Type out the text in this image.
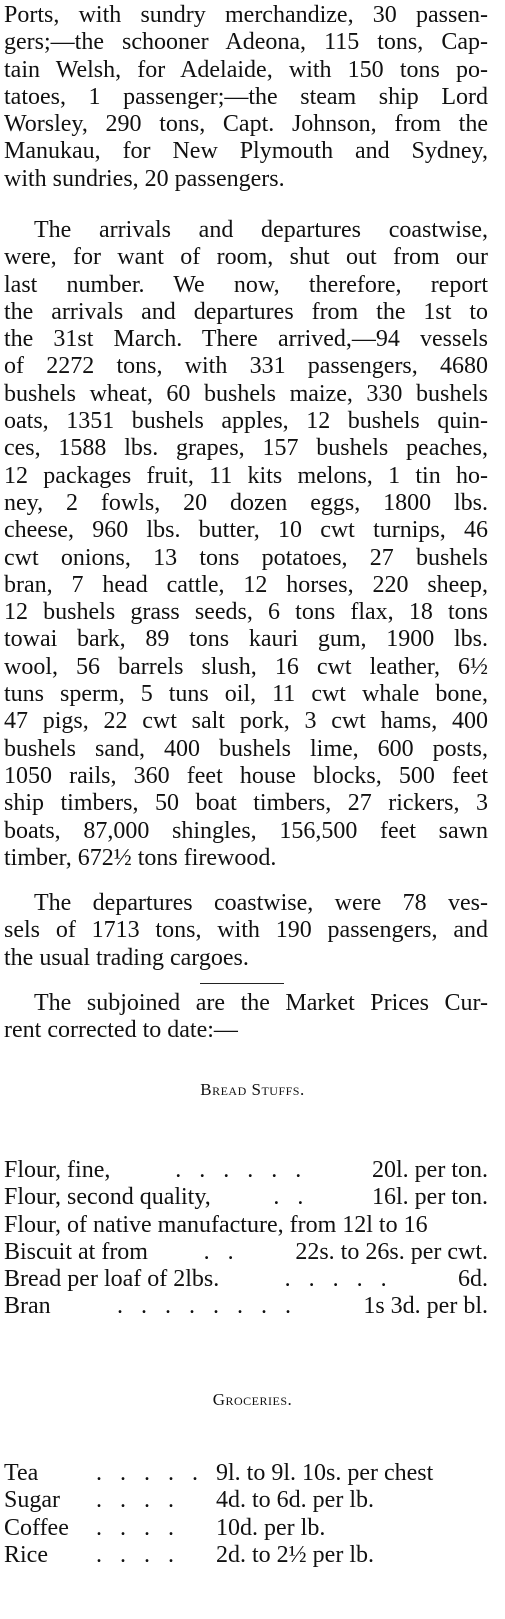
Ports, with sundry merchandize, 30 passen-
gers;—the schooner Adeona, 115 tons, Cap-
tain Welsh, for Adelaide, with 150 tons po-
tatoes, 1 passenger;—the steam ship Lord
Worsley, 290 tons, Capt. Johnson, from the
Manukau, for New Plymouth and Sydney,
with sundries, 20 passengers.
The arrivals and departures coastwise,
were, for want of room, shut out from our
last number. We now, therefore, report
the arrivals and departures from the 1st to
the 31st March. There arrived,—94 vessels
of 2272 tons, with 331 passengers, 4680
bushels wheat, 60 bushels maize, 330 bushels
oats, 1351 bushels apples, 12 bushels quin-
ces, 1588 lbs. grapes, 157 bushels peaches,
12 packages fruit, 11 kits melons, 1 tin ho-
ney, 2 fowls, 20 dozen eggs, 1800 lbs.
cheese, 960 lbs. butter, 10 cwt turnips, 46
cwt onions, 13 tons potatoes, 27 bushels
bran, 7 head cattle, 12 horses, 220 sheep,
12 bushels grass seeds, 6 tons flax, 18 tons
towai bark, 89 tons kauri gum, 1900 lbs.
wool, 56 barrels slush, 16 cwt leather, 6½
tuns sperm, 5 tuns oil, 11 cwt whale bone,
47 pigs, 22 cwt salt pork, 3 cwt hams, 400
bushels sand, 400 bushels lime, 600 posts,
1050 rails, 360 feet house blocks, 500 feet
ship timbers, 50 boat timbers, 27 rickers, 3
boats, 87,000 shingles, 156,500 feet sawn
timber, 672½ tons firewood.
The departures coastwise, were 78 ves-
sels of 1713 tons, with 190 passengers, and
the usual trading cargoes.
The subjoined are the Market Prices Cur-
rent corrected to date:—

Bread Stuffs.

Flour, fine,	. . . . . .	20l. per ton.
Flour, second quality,	. .	16l. per ton.
Flour, of native manufacture, from 12l to 16
Biscuit at from	. .	22s. to 26s. per cwt.
Bread per loaf of 2lbs.	. . . . .	6d.
Bran	. . . . . . . .	1s 3d. per bl.

Groceries.

Tea	. . . . . 9l. to 9l. 10s. per chest
Sugar	. . . .	4d. to 6d. per lb.
Coffee	. . . .	10d. per lb.
Rice	. . . .	2d. to 2½ per lb.
